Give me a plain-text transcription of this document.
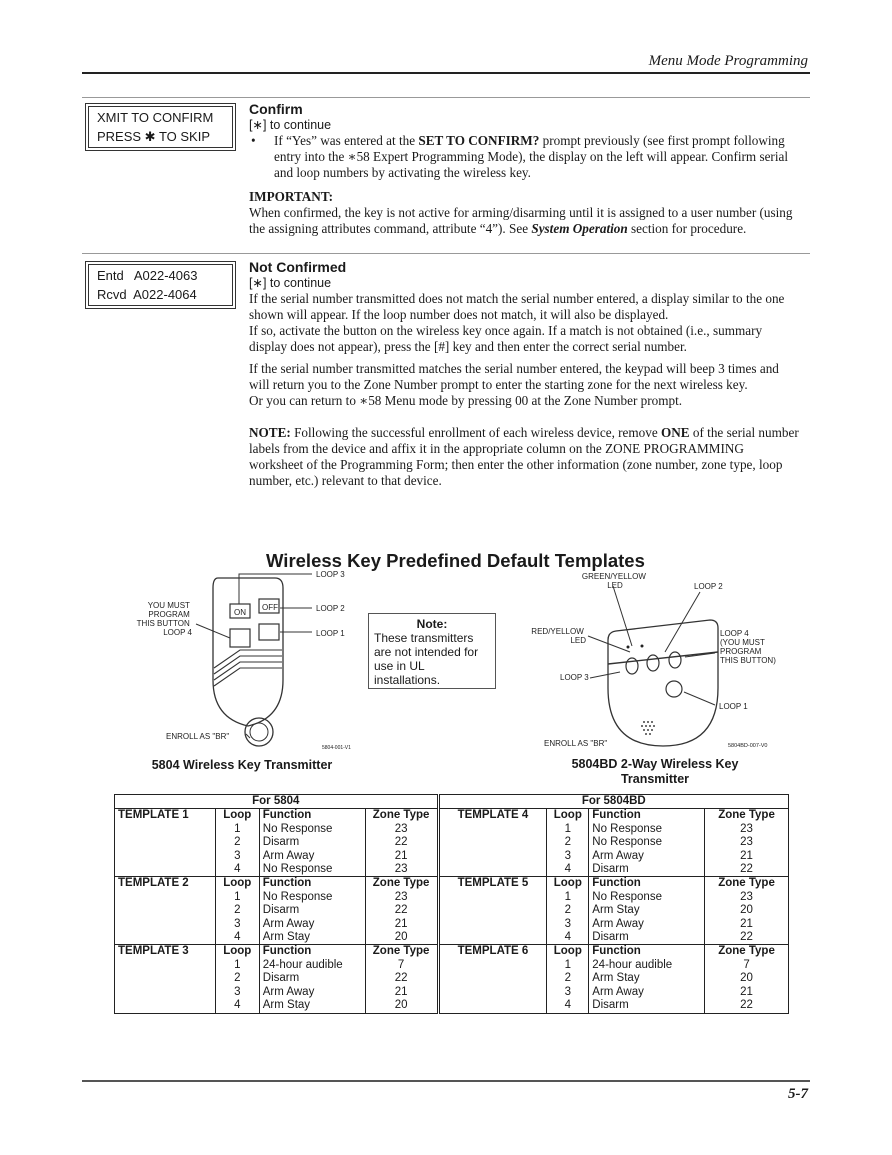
Menu Mode Programming
XMIT TO CONFIRM
PRESS ✱ TO SKIP
Confirm
[∗] to continue

• If “Yes” was entered at the SET TO CONFIRM? prompt previously (see first prompt following entry into the ∗58 Expert Programming Mode), the display on the left will appear. Confirm serial and loop numbers by activating the wireless key.

IMPORTANT:

When confirmed, the key is not active for arming/disarming until it is assigned to a user number (using the assigning attributes command, attribute “4”). See System Operation section for procedure.

Entd   A022-4063
Rcvd  A022-4064
Not Confirmed
[∗] to continue

If the serial number transmitted does not match the serial number entered, a display similar to the one shown will appear. If the loop number does not match, it will also be displayed.

If so, activate the button on the wireless key once again. If a match is not obtained (i.e., summary display does not appear), press the [#] key and then enter the correct serial number.

If the serial number transmitted matches the serial number entered, the keypad will beep 3 times and will return you to the Zone Number prompt to enter the starting zone for the next wireless key.

Or you can return to ∗58 Menu mode by pressing 00 at the Zone Number prompt.

NOTE: Following the successful enrollment of each wireless device, remove ONE of the serial number labels from the device and affix it in the appropriate column on the ZONE PROGRAMMING worksheet of the Programming Form; then enter the other information (zone number, zone type, loop number, etc.) relevant to that device.

Wireless Key Predefined Default Templates
ON
OFF
LOOP 3
LOOP 2
LOOP 1
YOU MUST PROGRAM THIS BUTTON LOOP 4
ENROLL AS "BR"
5804-001-V1
GREEN/YELLOW LED	LOOP 2
RED/YELLOW LED
LOOP 4 (YOU MUST PROGRAM THIS BUTTON)
LOOP 3
LOOP 1
ENROLL AS "BR"	5804BD-007-V0
Note:
These transmitters
are not intended for
use in UL
installations.
5804 Wireless Key Transmitter	5804BD 2-Way Wireless Key
Transmitter
For 5804				For 5804BD			
TEMPLATE 1	Loop	Function	Zone Type	TEMPLATE 4	Loop	Function	Zone Type
	1	No Response	23		1	No Response	23
	2	Disarm	22		2	No Response	23
	3	Arm Away	21		3	Arm Away	21
	4	No Response	23		4	Disarm	22
TEMPLATE 2	Loop	Function	Zone Type	TEMPLATE 5	Loop	Function	Zone Type
	1	No Response	23		1	No Response	23
	2	Disarm	22		2	Arm Stay	20
	3	Arm Away	21		3	Arm Away	21
	4	Arm Stay	20		4	Disarm	22
TEMPLATE 3	Loop	Function	Zone Type	TEMPLATE 6	Loop	Function	Zone Type
	1	24-hour audible	7		1	24-hour audible	7
	2	Disarm	22		2	Arm Stay	20
	3	Arm Away	21		3	Arm Away	21
	4	Arm Stay	20		4	Disarm	22
5-7
